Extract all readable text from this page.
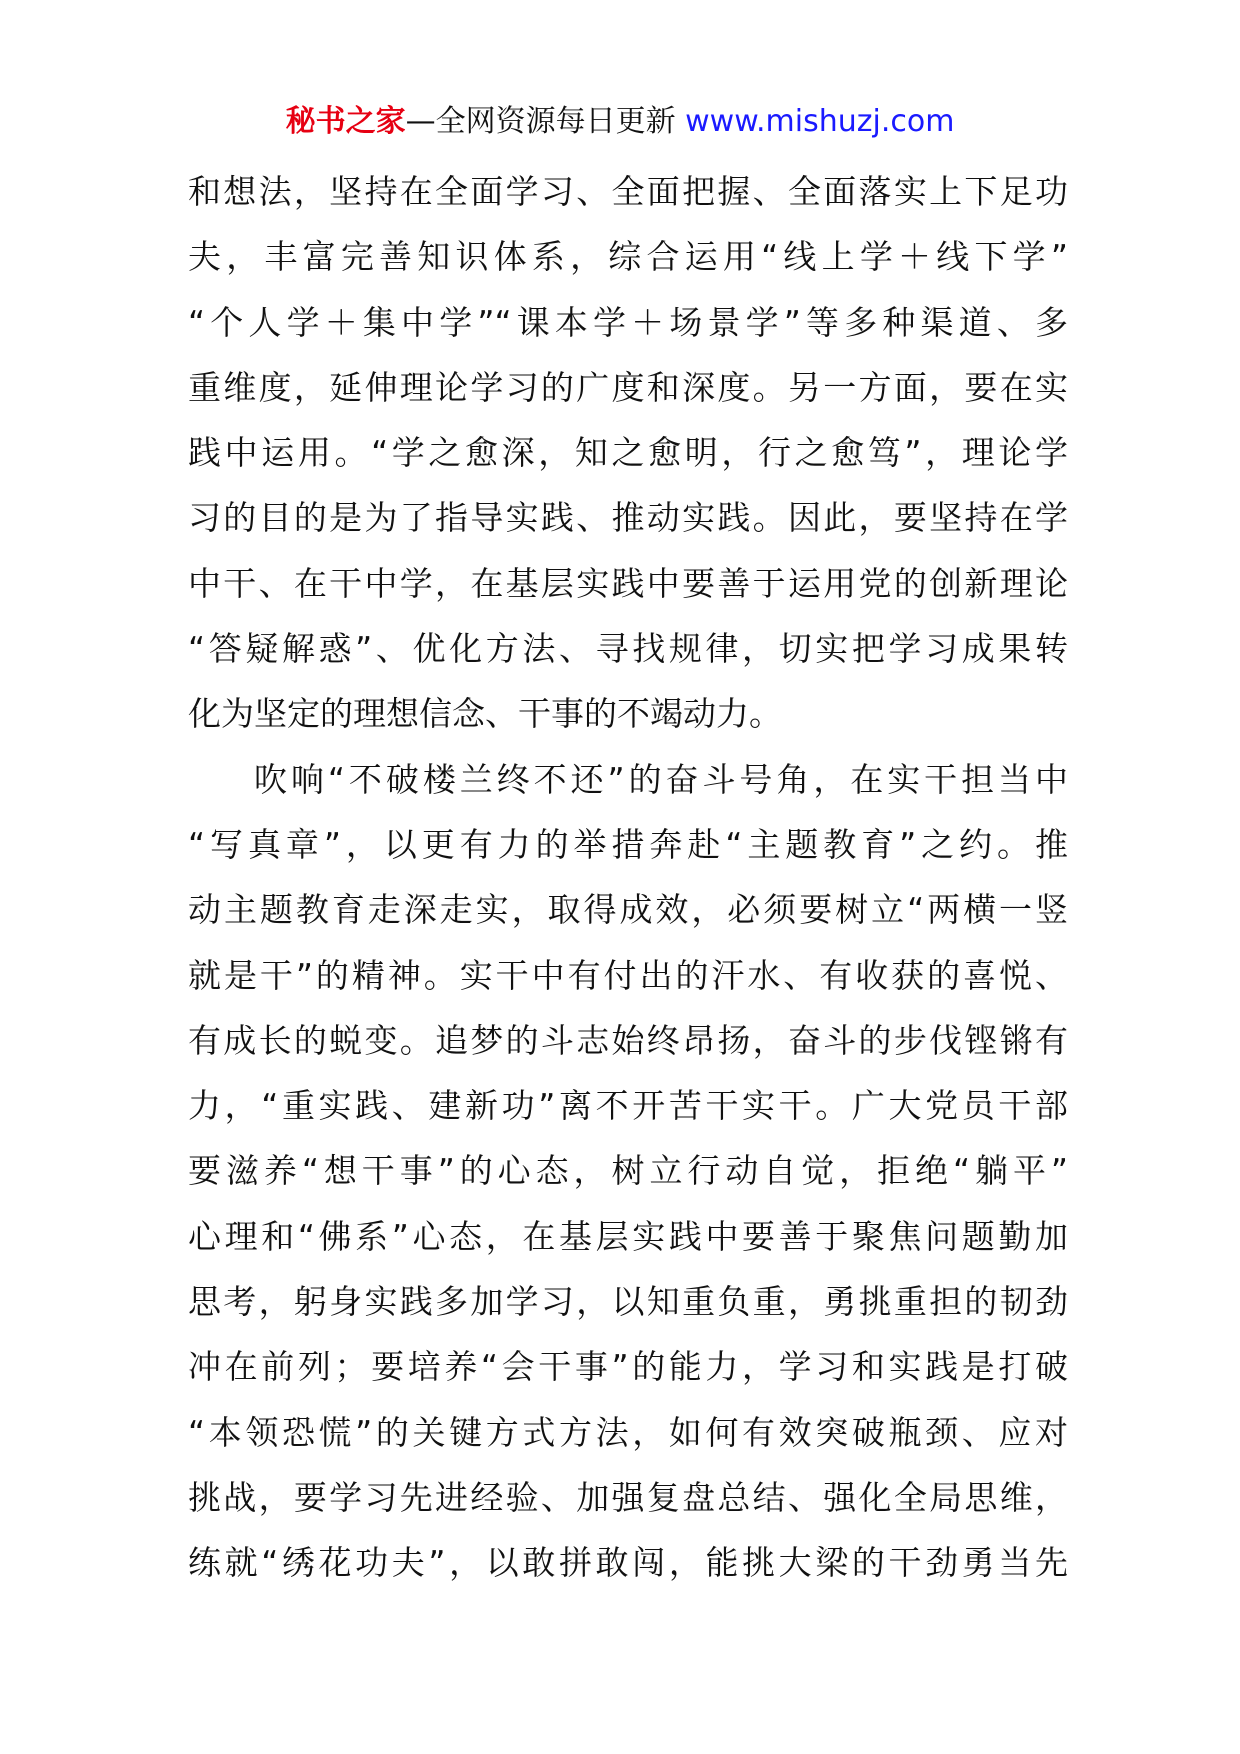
秘书之家—全网资源每日更新 www.mishuzj.com
和想法，坚持在全面学习、全面把握、全面落实上下足功
夫，丰富完善知识体系，综合运用“线上学＋线下学”
“个人学＋集中学”“课本学＋场景学”等多种渠道、多
重维度，延伸理论学习的广度和深度。另一方面，要在实
践中运用。“学之愈深，知之愈明，行之愈笃”，理论学
习的目的是为了指导实践、推动实践。因此，要坚持在学
中干、在干中学，在基层实践中要善于运用党的创新理论
“答疑解惑”、优化方法、寻找规律，切实把学习成果转
化为坚定的理想信念、干事的不竭动力。
吹响“不破楼兰终不还”的奋斗号角，在实干担当中
“写真章”，以更有力的举措奔赴“主题教育”之约。推
动主题教育走深走实，取得成效，必须要树立“两横一竖
就是干”的精神。实干中有付出的汗水、有收获的喜悦、
有成长的蜕变。追梦的斗志始终昂扬，奋斗的步伐铿锵有
力，“重实践、建新功”离不开苦干实干。广大党员干部
要滋养“想干事”的心态，树立行动自觉，拒绝“躺平”
心理和“佛系”心态，在基层实践中要善于聚焦问题勤加
思考，躬身实践多加学习，以知重负重，勇挑重担的韧劲
冲在前列；要培养“会干事”的能力，学习和实践是打破
“本领恐慌”的关键方式方法，如何有效突破瓶颈、应对
挑战，要学习先进经验、加强复盘总结、强化全局思维，
练就“绣花功夫”，以敢拼敢闯，能挑大梁的干劲勇当先
